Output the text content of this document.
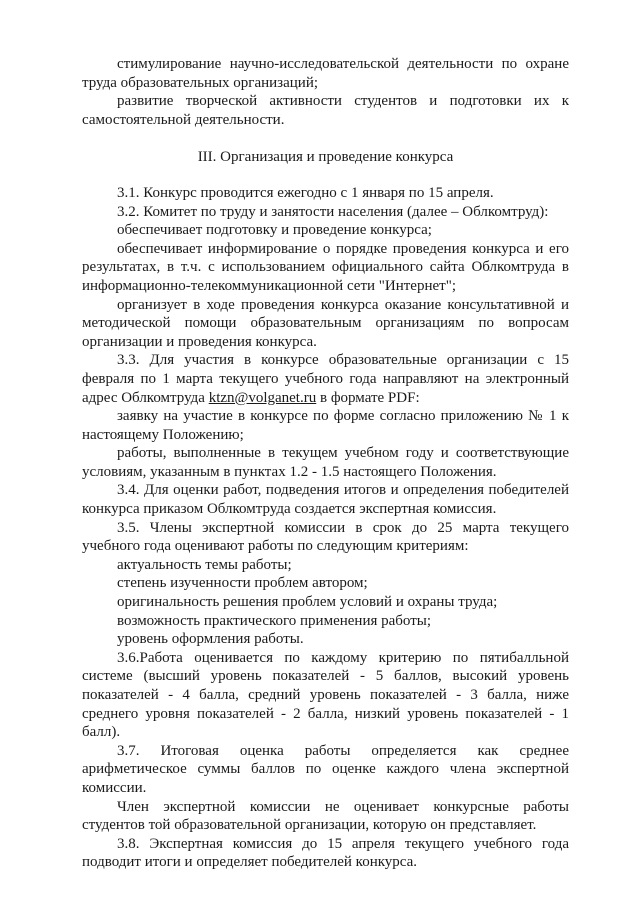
стимулирование научно-исследовательской деятельности по охране труда образовательных организаций;

развитие творческой активности студентов и подготовки их к самостоятельной деятельности.

III. Организация и проведение конкурса

3.1. Конкурс проводится ежегодно с 1 января по 15 апреля.

3.2. Комитет по труду и занятости населения (далее – Облкомтруд):

обеспечивает подготовку и проведение конкурса;

обеспечивает информирование о порядке проведения конкурса и его результатах, в т.ч. с использованием официального сайта Облкомтруда в информационно-телекоммуникационной сети "Интернет";

организует в ходе проведения конкурса оказание консультативной и методической помощи образовательным организациям по вопросам организации и проведения конкурса.

3.3. Для участия в конкурсе образовательные организации с 15 февраля по 1 марта текущего учебного года направляют на электронный адрес Облкомтруда ktzn@volganet.ru в формате PDF:

заявку на участие в конкурсе по форме согласно приложению № 1 к настоящему Положению;

работы, выполненные в текущем учебном году и соответствующие условиям, указанным в пунктах 1.2 - 1.5 настоящего Положения.

3.4. Для оценки работ, подведения итогов и определения победителей конкурса приказом Облкомтруда создается экспертная комиссия.

3.5. Члены экспертной комиссии в срок до 25 марта текущего учебного года оценивают работы по следующим критериям:

актуальность темы работы;

степень изученности проблем автором;

оригинальность решения проблем условий и охраны труда;

возможность практического применения работы;

уровень оформления работы.

3.6.Работа оценивается по каждому критерию по пятибалльной системе (высший уровень показателей - 5 баллов, высокий уровень показателей - 4 балла, средний уровень показателей - 3 балла, ниже среднего уровня показателей - 2 балла, низкий уровень показателей - 1 балл).

3.7. Итоговая оценка работы определяется как среднее арифметическое суммы баллов по оценке каждого члена экспертной комиссии.

Член экспертной комиссии не оценивает конкурсные работы студентов той образовательной организации, которую он представляет.

3.8. Экспертная комиссия до 15 апреля текущего учебного года подводит итоги и определяет победителей конкурса.
